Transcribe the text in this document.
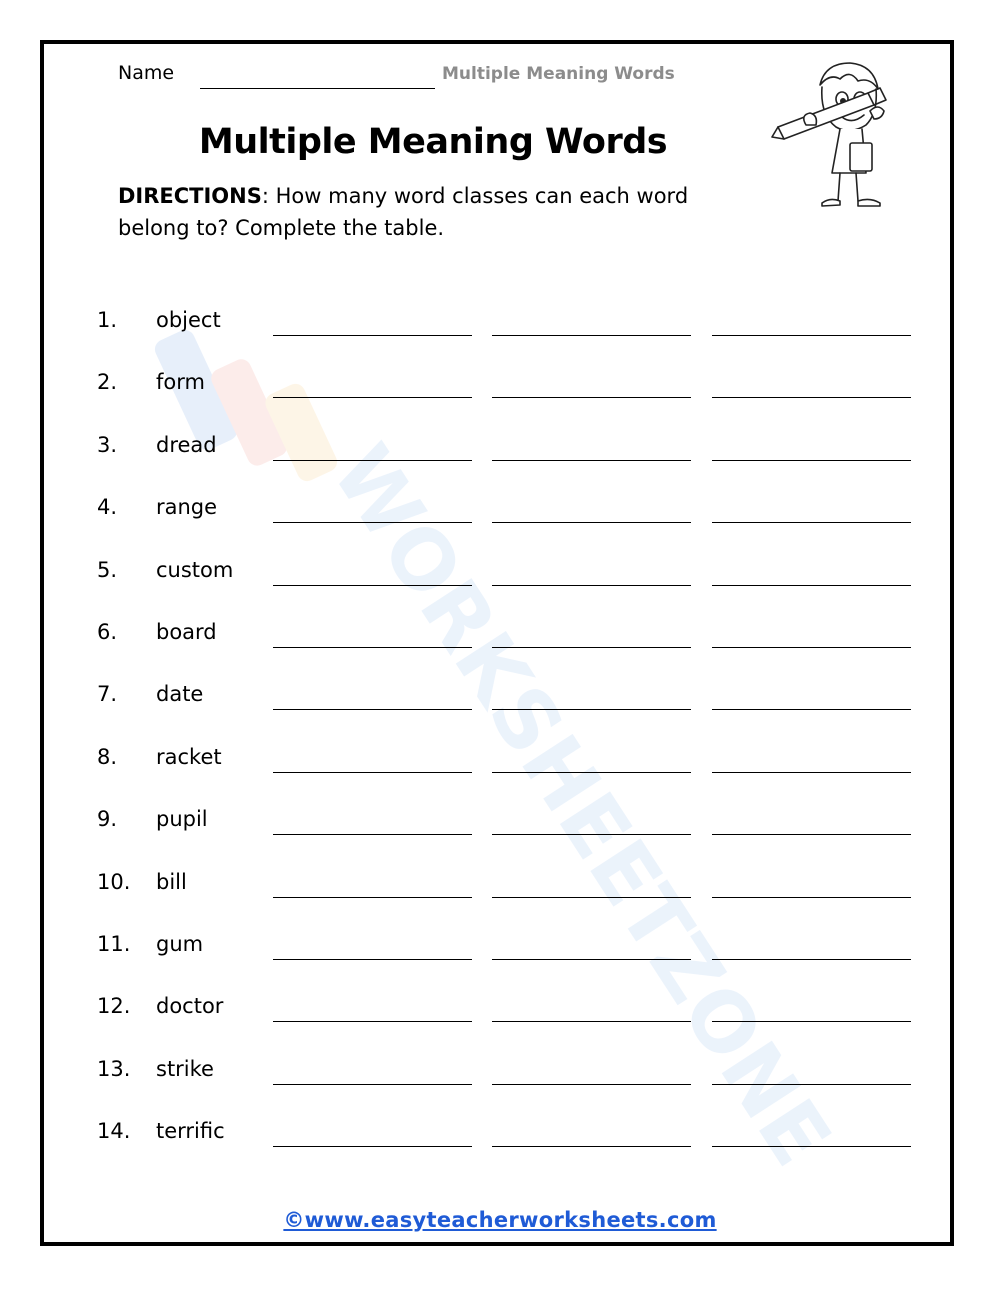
WORKSHEETZONE
Name	Multiple Meaning Words
Multiple Meaning Words
DIRECTIONS: How many word classes can each word belong to? Complete the table.
1. object
2. form
3. dread
4. range
5. custom
6. board
7. date
8. racket
9. pupil
10. bill
11. gum
12. doctor
13. strike
14. terrific
©www.easyteacherworksheets.com
